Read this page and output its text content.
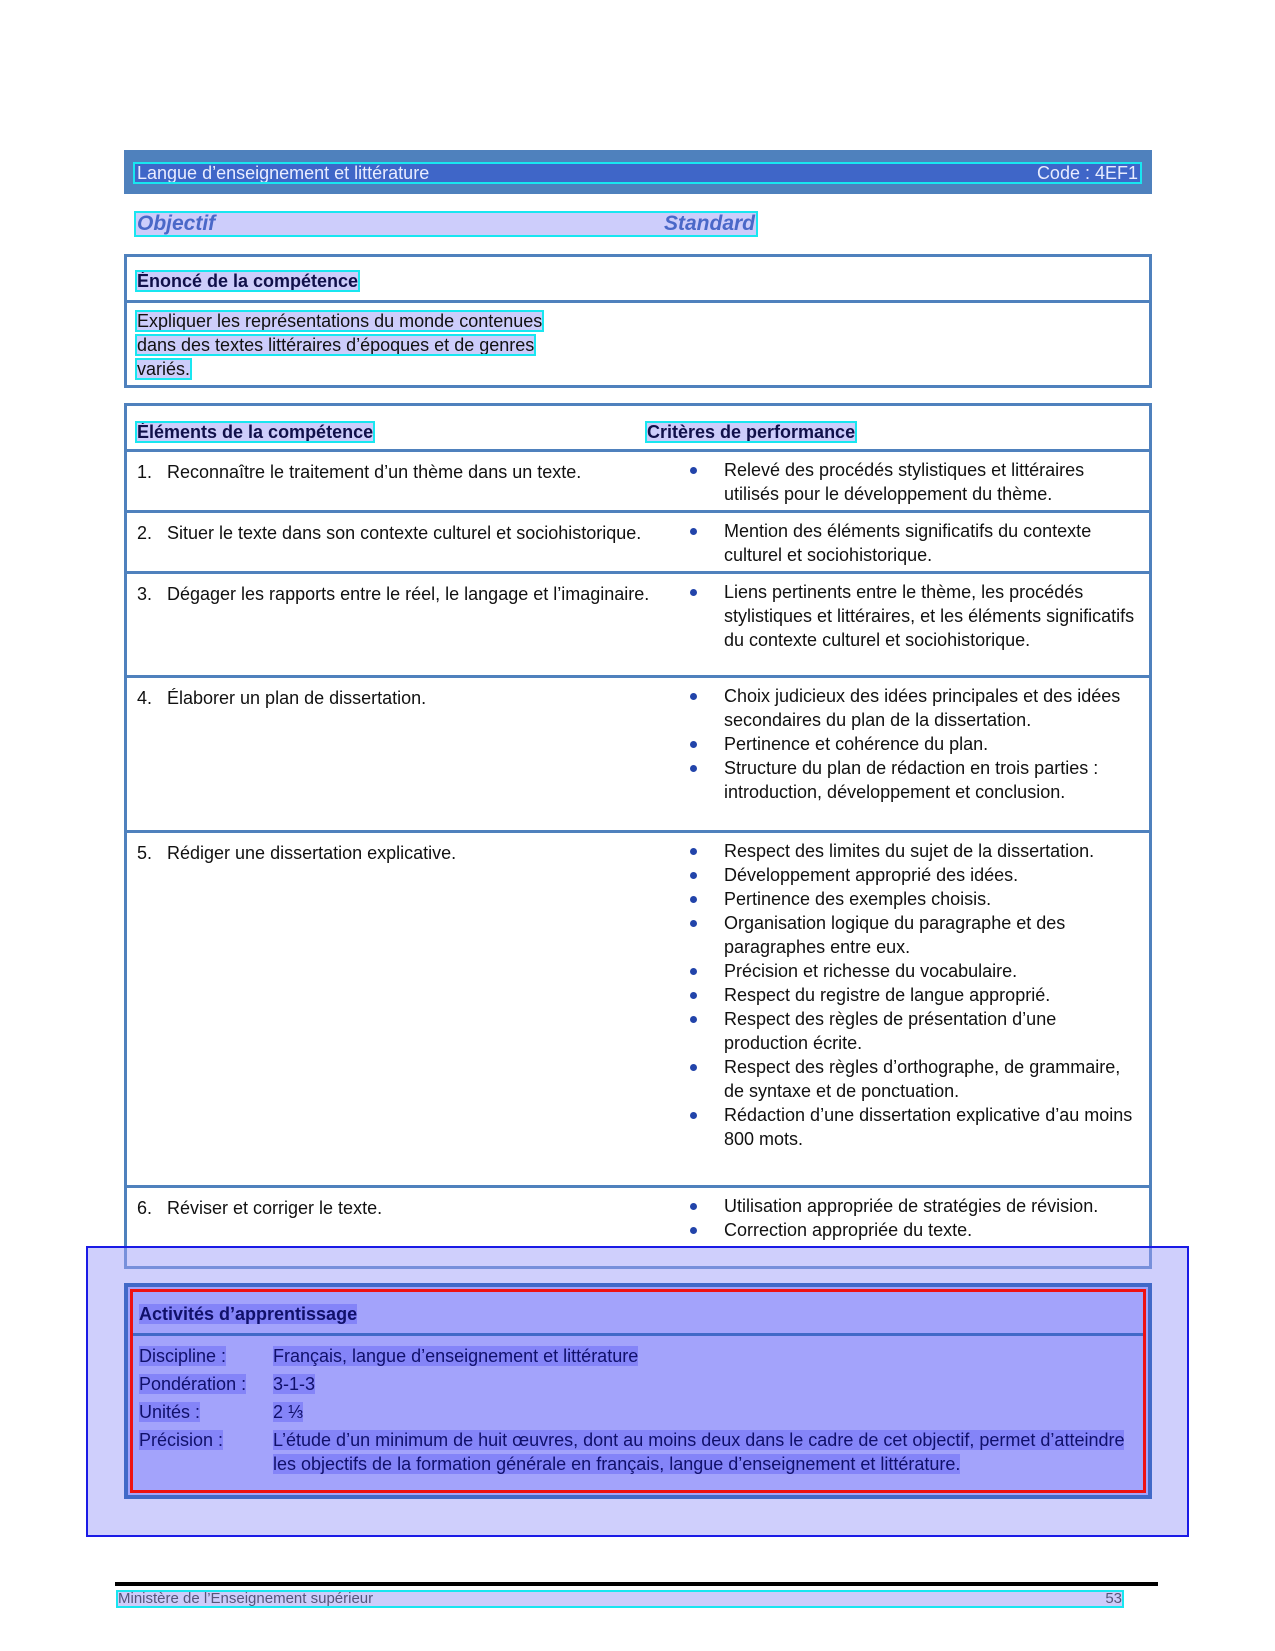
Langue d’enseignement et littérature	Code : 4EF1
Objectif	Standard
Énoncé de la compétence
Expliquer les représentations du monde contenues
dans des textes littéraires d’époques et de genres
variés.
Éléments de la compétence	Critères de performance
1. Reconnaître le traitement d’un thème dans un texte.	Relevé des procédés stylistiques et littéraires utilisés pour le développement du thème.
2. Situer le texte dans son contexte culturel et sociohistorique.	Mention des éléments significatifs du contexte culturel et sociohistorique.
3. Dégager les rapports entre le réel, le langage et l’imaginaire.	Liens pertinents entre le thème, les procédés stylistiques et littéraires, et les éléments significatifs du contexte culturel et sociohistorique.
4. Élaborer un plan de dissertation.	Choix judicieux des idées principales et des idées secondaires du plan de la dissertation.
Pertinence et cohérence du plan.
Structure du plan de rédaction en trois parties : introduction, développement et conclusion.
5. Rédiger une dissertation explicative.	Respect des limites du sujet de la dissertation.
Développement approprié des idées.
Pertinence des exemples choisis.
Organisation logique du paragraphe et des paragraphes entre eux.
Précision et richesse du vocabulaire.
Respect du registre de langue approprié.
Respect des règles de présentation d’une production écrite.
Respect des règles d’orthographe, de grammaire, de syntaxe et de ponctuation.
Rédaction d’une dissertation explicative d’au moins 800 mots.
6. Réviser et corriger le texte.	Utilisation appropriée de stratégies de révision.
Correction appropriée du texte.
Activités d’apprentissage
Discipline :	Français, langue d’enseignement et littérature
Pondération :	3-1-3
Unités :	2 ⅓
Précision :	L’étude d’un minimum de huit œuvres, dont au moins deux dans le cadre de cet objectif, permet d’atteindre les objectifs de la formation générale en français, langue d’enseignement et littérature.
Ministère de l’Enseignement supérieur	53
